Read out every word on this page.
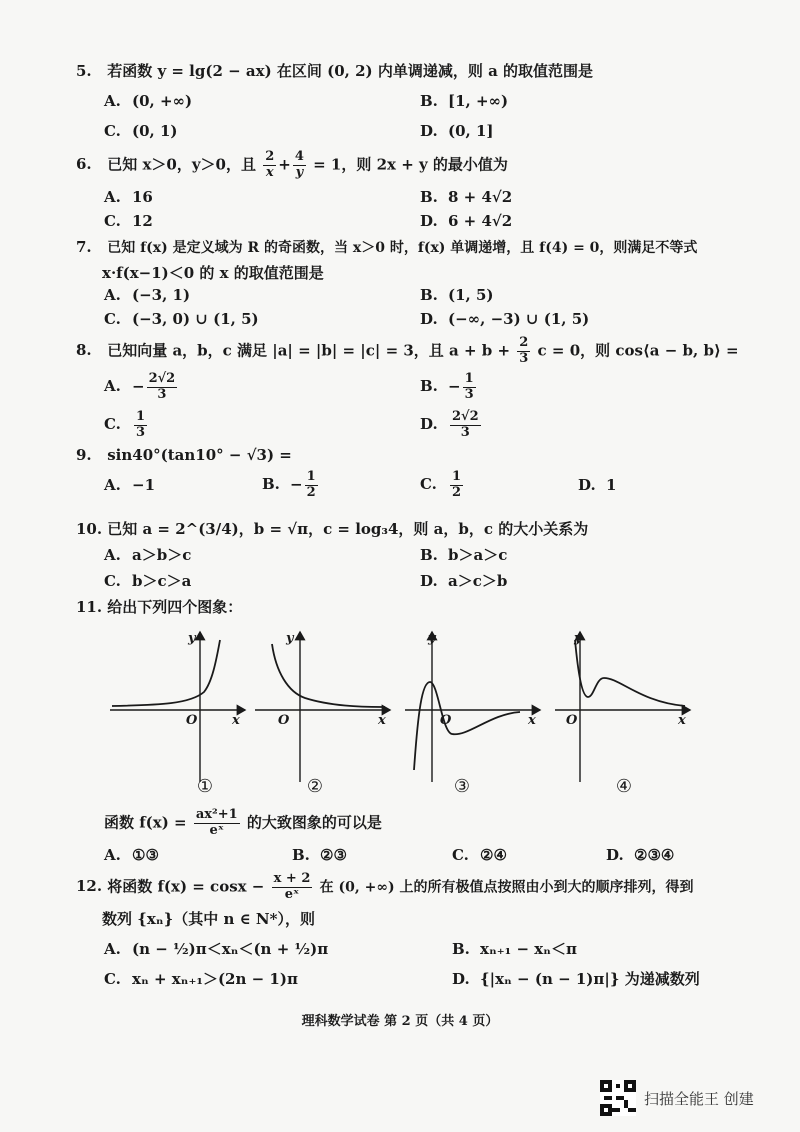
5. 若函数 y = lg(2 − ax) 在区间 (0, 2) 内单调递减，则 a 的取值范围是
A. (0, +∞)	B. [1, +∞)
C. (0, 1)	D. (0, 1]
6. 已知 x＞0，y＞0，且 $\frac{2}{x} + \frac{4}{y} = 1$，则 2x + y 的最小值为
A. 16	B. 8 + 4√2
C. 12	D. 6 + 4√2
7. 已知 f(x) 是定义域为 R 的奇函数，当 x＞0 时，f(x) 单调递增，且 f(4) = 0，则满足不等式
x·f(x−1)＜0 的 x 的取值范围是
A. (−3, 1)	B. (1, 5)
C. (−3, 0) ∪ (1, 5)	D. (−∞, −3) ∪ (1, 5)
8. 已知向量 a，b，c 满足 |a| = |b| = |c| = 3，且 $a + b + \frac{2}{3}$ c = 0，则 cos⟨a − b, b⟩ =
A. − $\frac{2√2}{3}$	B. − $\frac{1}{3}$
C. $\frac{1}{3}$	D. $\frac{2√2}{3}$
9. sin40°(tan10° − √3) =
A. −1	B. − $\frac{1}{2}$	C. $\frac{1}{2}$	D. 1
10. 已知 a = 2^(3/4)，b = √π，c = log₃4，则 a，b，c 的大小关系为
A. a＞b＞c	B. b＞a＞c
C. b＞c＞a	D. a＞c＞b
11. 给出下列四个图象：
y
x
O
y
x
O
y
x
O
y
x
O
①	②	③	④
函数 $f(x) = \frac{\text{ax²+1}}{\text{eˣ}}$ 的大致图象的可以是
A. ①③	B. ②③	C. ②④	D. ②③④
12. 将函数 $f(x) = \cos x - \frac{x + 2}{\text{eˣ}}$ 在 (0, +∞) 上的所有极值点按照由小到大的顺序排列，得到
数列 {xₙ}（其中 n ∈ N*），则
A. (n − ½)π＜xₙ＜(n + ½)π	B. xₙ₊₁ − xₙ＜π
C. xₙ + xₙ₊₁＞(2n − 1)π	D. {|xₙ − (n − 1)π|} 为递减数列
理科数学试卷 第 2 页（共 4 页）
扫描全能王 创建
